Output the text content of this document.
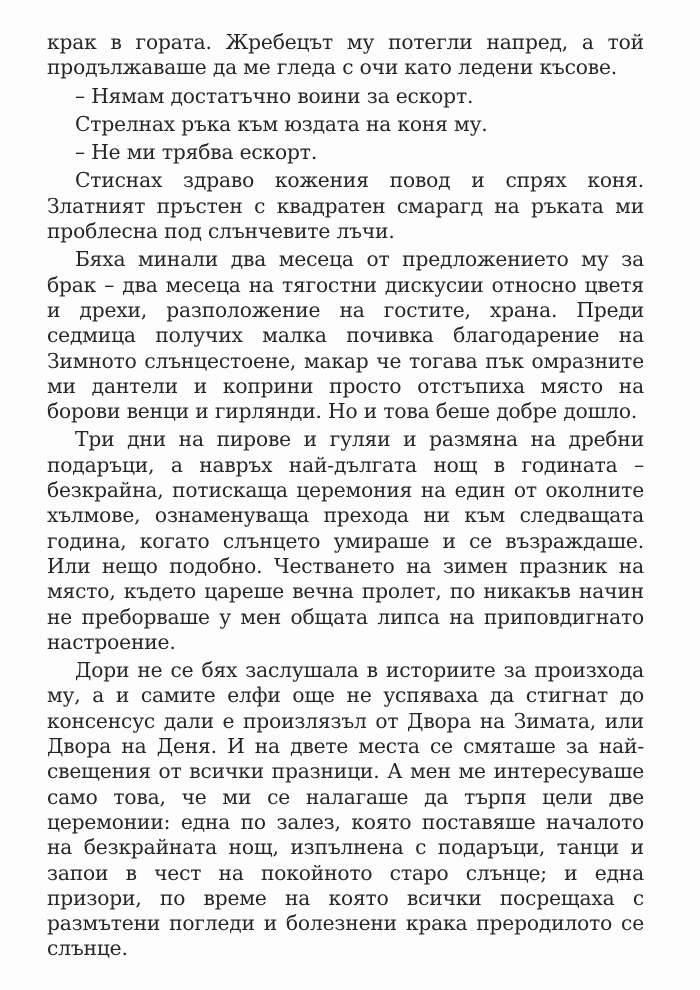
крак в гората. Жребецът му потегли напред, а той продължаваше да ме гледа с очи като ледени късове.

– Нямам достатъчно воини за ескорт.

Стрелнах ръка към юздата на коня му.

– Не ми трябва ескорт.

Стиснах здраво кожения повод и спрях коня. Златният пръстен с квадратен смарагд на ръката ми проблесна под слънчевите лъчи.

Бяха минали два месеца от предложението му за брак – два месеца на тягостни дискусии относно цветя и дрехи, разположение на гостите, храна. Преди седмица получих малка почивка благодарение на Зимното слънцестоене, макар че тогава пък омразните ми дантели и коприни просто отстъпиха място на борови венци и гирлянди. Но и това беше добре дошло.

Три дни на пирове и гуляи и размяна на дребни подаръци, а навръх най-дългата нощ в годината – безкрайна, потискаща церемония на един от околните хълмове, ознаменуваща прехода ни към следващата година, когато слънцето умираше и се възраждаше. Или нещо подобно. Честването на зимен празник на място, където цареше вечна пролет, по никакъв начин не преборваше у мен общата липса на приповдигнато настроение.

Дори не се бях заслушала в историите за произхода му, а и самите елфи още не успяваха да стигнат до консенсус дали е произлязъл от Двора на Зимата, или Двора на Деня. И на двете места се смяташе за най-свещения от всички празници. А мен ме интересуваше само това, че ми се налагаше да търпя цели две церемонии: една по залез, която поставяше началото на безкрайната нощ, изпълнена с подаръци, танци и запои в чест на покойното старо слънце; и една призори, по време на която всички посрещаха с размътени погледи и болезнени крака преродилото се слънце.
